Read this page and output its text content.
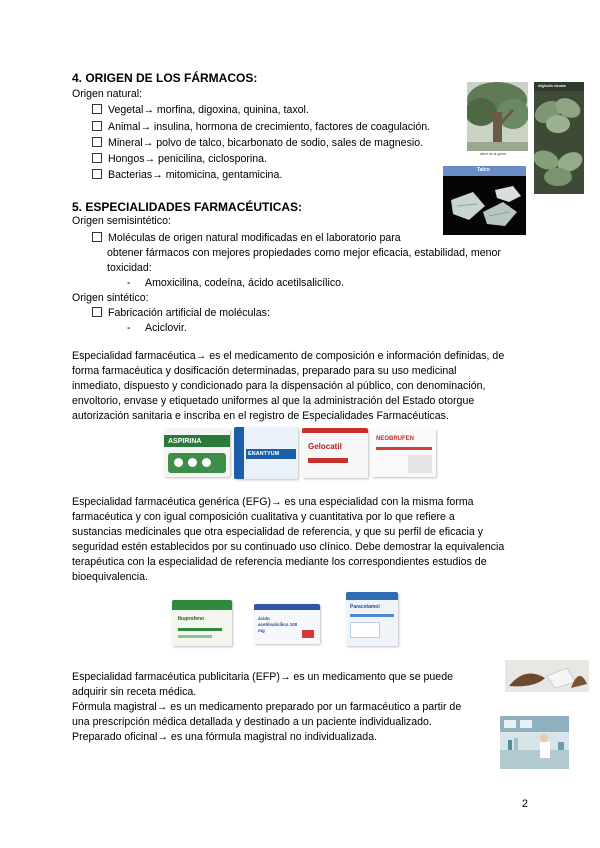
4. ORIGEN DE LOS FÁRMACOS:
Origen natural:
Vegetal→ morfina, digoxina, quinina, taxol.
Animal→ insulina, hormona de crecimiento, factores de coagulación.
Mineral→ polvo de talco, bicarbonato de sodio, sales de magnesio.
Hongos→ penicilina, ciclosporina.
Bacterias→ mitomicina, gentamicina.
árbol de la quina
digitalis lanata
Talco
5. ESPECIALIDADES FARMACÉUTICAS:
Origen semisintético:
Moléculas de origen natural modificadas en el laboratorio para
obtener fármacos con mejores propiedades como mejor eficacia, estabilidad, menor
toxicidad:
- Amoxicilina, codeína, ácido acetilsalicílico.
Origen sintético:
Fabricación artificial de moléculas:
- Aciclovir.
Especialidad farmacéutica→ es el medicamento de composición e información definidas, de
forma farmacéutica y dosificación determinadas, preparado para su uso medicinal
inmediato, dispuesto y condicionado para la dispensación al público, con denominación,
envoltorio, envase y etiquetado uniformes al que la administración del Estado otorgue
autorización sanitaria e inscriba en el registro de Especialidades Farmacéuticas.
ASPIRINA
ENANTYUM
Gelocatil
NEOBRUFEN
Especialidad farmacéutica genérica (EFG)→ es una especialidad con la misma forma
farmacéutica y con igual composición cualitativa y cuantitativa por lo que refiere a
sustancias medicinales que otra especialidad de referencia, y que su perfil de eficacia y
seguridad estén establecidos por su continuado uso clínico. Debe demostrar la equivalencia
terapéutica con la especialidad de referencia mediante los correspondientes estudios de
bioequivalencia.
Ibuprofeno	ácido acetilsalicílico 100 mg
Paracetamol
Especialidad farmacéutica publicitaria (EFP)→ es un medicamento que se puede
adquirir sin receta médica.
Fórmula magistral→ es un medicamento preparado por un farmacéutico a partir de
una prescripción médica detallada y destinado a un paciente individualizado.
Preparado oficinal→ es una fórmula magistral no individualizada.
2
